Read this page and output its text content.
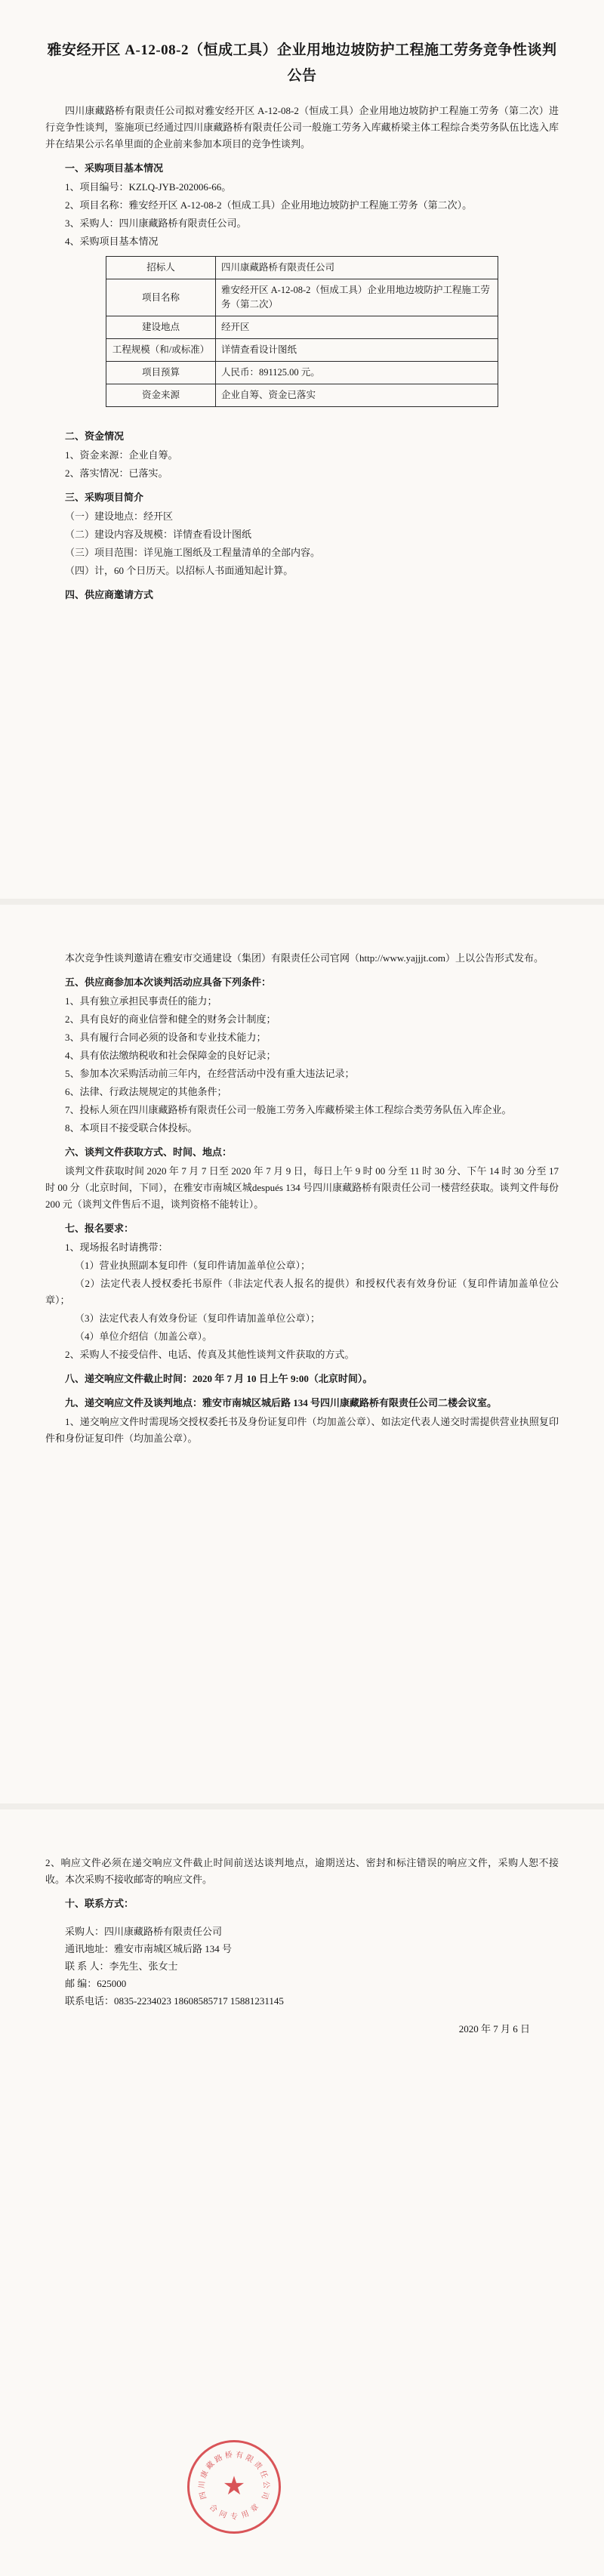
雅安经开区 A-12-08-2（恒成工具）企业用地边坡防护工程施工劳务竞争性谈判公告

四川康藏路桥有限责任公司拟对雅安经开区 A-12-08-2（恒成工具）企业用地边坡防护工程施工劳务（第二次）进行竞争性谈判，鉴施项已经通过四川康藏路桥有限责任公司一般施工劳务入库藏桥梁主体工程综合类劳务队伍比选入库并在结果公示名单里面的企业前来参加本项目的竞争性谈判。

一、采购项目基本情况
1、项目编号：KZLQ-JYB-202006-66。
2、项目名称：雅安经开区 A-12-08-2（恒成工具）企业用地边坡防护工程施工劳务（第二次）。
3、采购人：四川康藏路桥有限责任公司。
4、采购项目基本情况
招标人	四川康藏路桥有限责任公司
项目名称	雅安经开区 A-12-08-2（恒成工具）企业用地边坡防护工程施工劳务（第二次）
建设地点	经开区
工程规模（和/或标准）	详情查看设计图纸
项目预算	人民币：891125.00 元。
资金来源	企业自筹、资金已落实
二、资金情况
1、资金来源：企业自筹。
2、落实情况：已落实。
三、采购项目简介
（一）建设地点：经开区
（二）建设内容及规模：详情查看设计图纸
（三）项目范围：详见施工图纸及工程量清单的全部内容。
（四）计，60 个日历天。以招标人书面通知起计算。
四、供应商邀请方式

本次竞争性谈判邀请在雅安市交通建设（集团）有限责任公司官网（http://www.yajjjt.com）上以公告形式发布。

五、供应商参加本次谈判活动应具备下列条件：
1、具有独立承担民事责任的能力；
2、具有良好的商业信誉和健全的财务会计制度；
3、具有履行合同必须的设备和专业技术能力；
4、具有依法缴纳税收和社会保障金的良好记录；
5、参加本次采购活动前三年内，在经营活动中没有重大违法记录；
6、法律、行政法规规定的其他条件；
7、投标人须在四川康藏路桥有限责任公司一般施工劳务入库藏桥梁主体工程综合类劳务队伍入库企业。
8、本项目不接受联合体投标。
六、谈判文件获取方式、时间、地点：

谈判文件获取时间 2020 年 7 月 7 日至 2020 年 7 月 9 日，每日上午 9 时 00 分至 11 时 30 分、下午 14 时 30 分至 17 时 00 分（北京时间，下同），在雅安市南城区城después 134 号四川康藏路桥有限责任公司一楼营经获取。谈判文件每份 200 元（谈判文件售后不退，谈判资格不能转让）。

七、报名要求：
1、现场报名时请携带：
（1）营业执照副本复印件（复印件请加盖单位公章）；
（2）法定代表人授权委托书原件（非法定代表人报名的提供）和授权代表有效身份证（复印件请加盖单位公章）；
（3）法定代表人有效身份证（复印件请加盖单位公章）；
（4）单位介绍信（加盖公章）。
2、采购人不接受信件、电话、传真及其他性谈判文件获取的方式。
八、递交响应文件截止时间：2020 年 7 月 10 日上午 9:00（北京时间）。
九、递交响应文件及谈判地点：雅安市南城区城后路 134 号四川康藏路桥有限责任公司二楼会议室。
1、递交响应文件时需现场交授权委托书及身份证复印件（均加盖公章）、如法定代表人递交时需提供营业执照复印件和身份证复印件（均加盖公章）。

2、响应文件必须在递交响应文件截止时间前送达谈判地点，逾期送达、密封和标注错误的响应文件，采购人恕不接收。本次采购不接收邮寄的响应文件。

十、联系方式：
采购人：四川康藏路桥有限责任公司
通讯地址：雅安市南城区城后路 134 号
联 系 人：李先生、张女士
邮 编：625000
联系电话：0835-2234023 18608585717 15881231145
2020 年 7 月 6 日
★
四
川
康
藏
路 桥 有 限
责
任
公
司
合
同 专 用
章
